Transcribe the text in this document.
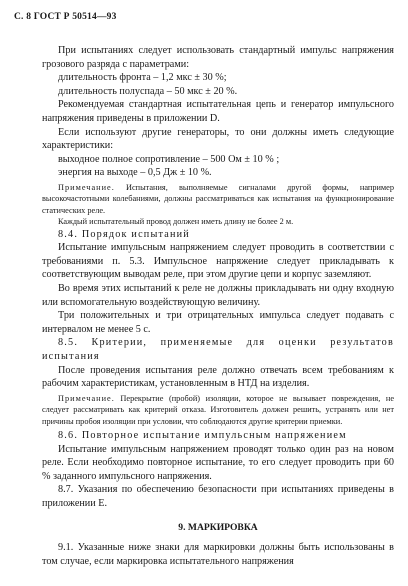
С. 8 ГОСТ Р 50514—93

При испытаниях следует использовать стандартный импульс напряжения грозового разряда с параметрами:

длительность фронта – 1,2 мкс ± 30 %;

длительность полуспада – 50 мкс ± 20 %.

Рекомендуемая стандартная испытательная цепь и генератор импульсного напряжения приведены в приложении D.

Если используют другие генераторы, то они должны иметь следующие характеристики:

выходное полное сопротивление – 500 Ом ± 10 % ;

энергия на выходе – 0,5 Дж ± 10 %.

Примечание. Испытания, выполняемые сигналами другой формы, например высокочастотными колебаниями, должны рассматриваться как испытания на функционирование статических реле.

Каждый испытательный провод должен иметь длину не более 2 м.

8.4. Порядок испытаний

Испытание импульсным напряжением следует проводить в соответствии с требованиями п. 5.3. Импульсное напряжение следует прикладывать к соответствующим выводам реле, при этом другие цепи и корпус заземляют.

Во время этих испытаний к реле не должны прикладывать ни одну входную или вспомогательную воздействующую величину.

Три положительных и три отрицательных импульса следует подавать с интервалом не менее 5 с.

8.5. Критерии, применяемые для оценки результатов испытания

После проведения испытания реле должно отвечать всем требованиям к рабочим характеристикам, установленным в НТД на изделия.

Примечание. Перекрытие (пробой) изоляции, которое не вызывает повреждения, не следует рассматривать как критерий отказа. Изготовитель должен решить, устранять или нет причины пробоя изоляции при условии, что соблюдаются другие критерии приемки.

8.6. Повторное испытание импульсным напряжением

Испытание импульсным напряжением проводят только один раз на новом реле. Если необходимо повторное испытание, то его следует проводить при 60 % заданного импульсного напряжения.

8.7. Указания по обеспечению безопасности при испытаниях приведены в приложении Е.

9. МАРКИРОВКА

9.1. Указанные ниже знаки для маркировки должны быть использованы в том случае, если маркировка испытательного напряжения
